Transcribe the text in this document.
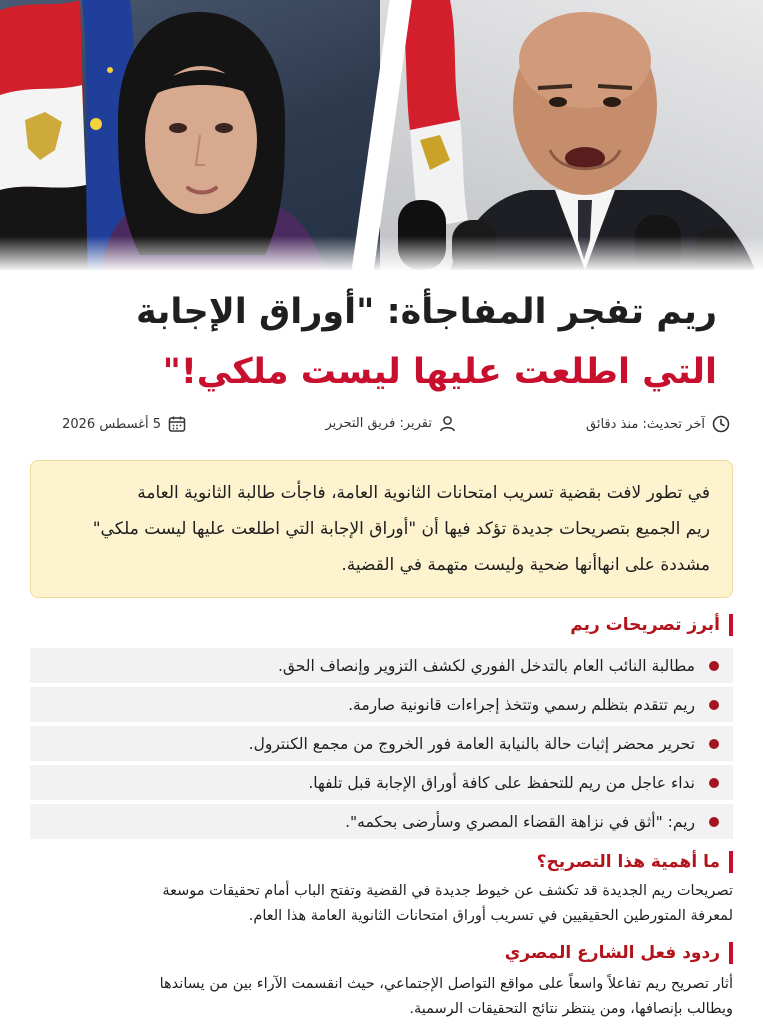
ريم تفجر المفاجأة: "أوراق الإجابة
التي اطلعت عليها ليست ملكي!"
آخر تحديث: منذ دقائق
تقرير: فريق التحرير
5 أغسطس 2026
في تطور لافت بقضية تسريب امتحانات الثانوية العامة، فاجأت طالبة الثانوية العامة
ريم الجميع بتصريحات جديدة تؤكد فيها أن "أوراق الإجابة التي اطلعت عليها ليست ملكي"
مشددة على انهاأنها ضحية وليست متهمة في القضية.
أبرز تصريحات ريم
مطالبة النائب العام بالتدخل الفوري لكشف التزوير وإنصاف الحق.
ريم تتقدم بتظلم رسمي وتتخذ إجراءات قانونية صارمة.
تحرير محضر إثبات حالة بالنيابة العامة فور الخروج من مجمع الكنترول.
نداء عاجل من ريم للتحفظ على كافة أوراق الإجابة قبل تلفها.
ريم: "أثق في نزاهة القضاء المصري وسأرضى بحكمه".
ما أهمية هذا التصريح؟
تصريحات ريم الجديدة قد تكشف عن خيوط جديدة في القضية وتفتح الباب أمام تحقيقات موسعة
لمعرفة المتورطين الحقيقيين في تسريب أوراق امتحانات الثانوية العامة هذا العام.
ردود فعل الشارع المصري
أثار تصريح ريم تفاعلاً واسعاً على مواقع التواصل الإجتماعي، حيث انقسمت الآراء بين من يساندها
ويطالب بإنصافها، ومن ينتظر نتائج التحقيقات الرسمية.
